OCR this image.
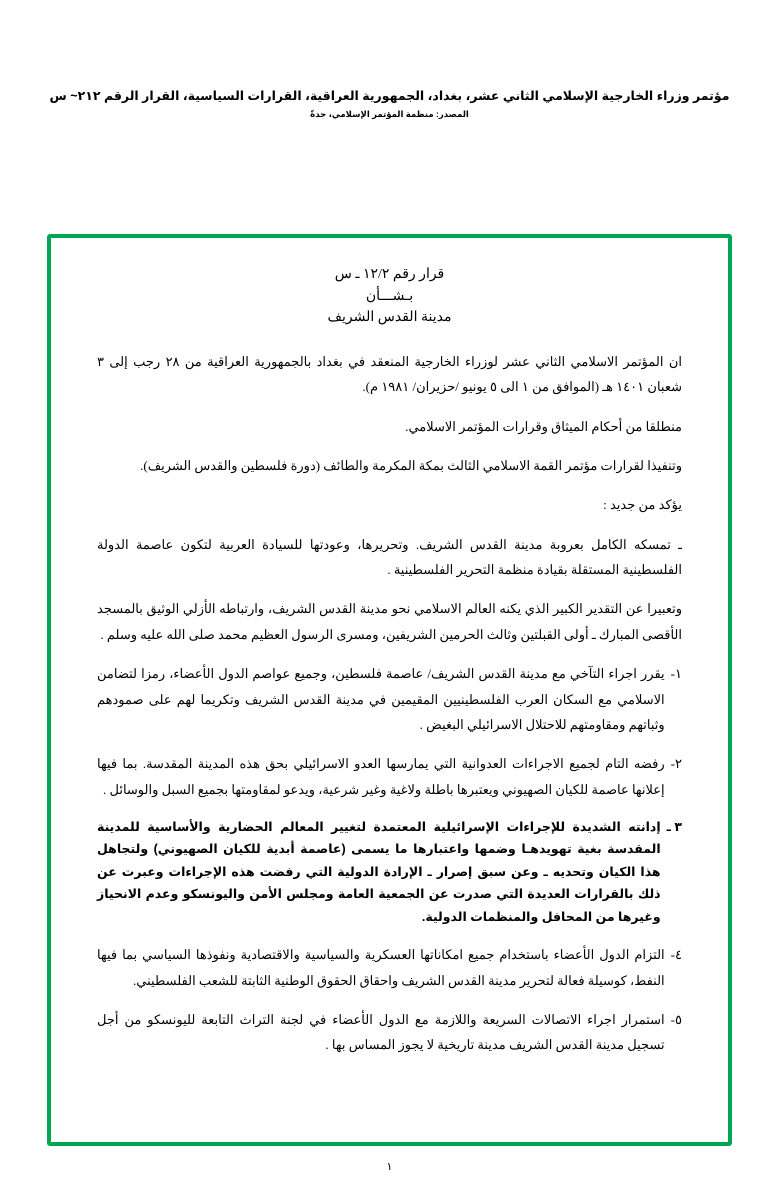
مؤتمر وزراء الخارجية الإسلامي الثاني عشر، بغداد، الجمهورية العراقية، القرارات السياسية، القرار الرقم ٢١٢~ س
المصدر: منظمة المؤتمر الإسلامي، جدةّ
قرار رقم ١٢/٢ ـ س
بـشـــأن
مدينة القدس الشريف
ان المؤتمر الاسلامي الثاني عشر لوزراء الخارجية المنعقد في بغداد بالجمهورية العراقية من ٢٨ رجب إلى ٣ شعبان ١٤٠١ هـ (الموافق من ١ الى ٥ يونيو /حزيران/ ١٩٨١ م).
منطلقا من أحكام الميثاق وقرارات المؤتمر الاسلامي.
وتنفيذا لقرارات مؤتمر القمة الاسلامي الثالث بمكة المكرمة والطائف (دورة فلسطين والقدس الشريف).
يؤكد من جديد :
ـ تمسكه الكامل بعروبة مدينة القدس الشريف. وتحريرها، وعودتها للسيادة العربية لتكون عاصمة الدولة الفلسطينية المستقلة بقيادة منظمة التحرير الفلسطينية .
وتعبيرا عن التقدير الكبير الذي يكنه العالم الاسلامي نحو مدينة القدس الشريف، وارتباطه الأزلي الوثيق بالمسجد الأقصى المبارك ـ أولى القبلتين وثالث الحرمين الشريفين، ومسرى الرسول العظيم محمد صلى الله عليه وسلم .
١-
يقرر اجراء التآخي مع مدينة القدس الشريف/ عاصمة فلسطين، وجميع عواصم الدول الأعضاء، رمزا لتضامن الاسلامي مع السكان العرب الفلسطينيين المقيمين في مدينة القدس الشريف وتكريما لهم على صمودهم وثباتهم ومقاومتهم للاحتلال الاسرائيلي البغيض .
٢-
رفضه التام لجميع الاجراءات العدوانية التي يمارسها العدو الاسرائيلي بحق هذه المدينة المقدسة. بما فيها إعلانها عاصمة للكيان الصهيوني ويعتبرها باطلة ولاغية وغير شرعية، ويدعو لمقاومتها بجميع السبل والوسائل .
٣ ـ
إدانته الشديدة للإجراءات الإسرائيلية المعتمدة لتغيير المعالم الحضارية والأساسية للمدينة المقدسة بغية تهويدهـا وضمها واعتبارها ما يسمى (عاصمة أبدية للكيان الصهيوني) ولتجاهل هذا الكيان وتحديه ـ وعن سبق إصرار ـ الإرادة الدولية التي رفضت هذه الإجراءات وعبرت عن ذلك بالقرارات العديدة التي صدرت عن الجمعية العامة ومجلس الأمن واليونسكو وعدم الانحياز وغيرها من المحافل والمنظمات الدولية.
٤-
التزام الدول الأعضاء باستخدام جميع امكاناتها العسكرية والسياسية والاقتصادية ونفوذها السياسي بما فيها النفط، كوسيلة فعالة لتحرير مدينة القدس الشريف واحقاق الحقوق الوطنية الثابتة للشعب الفلسطيني.
٥-
استمرار اجراء الاتصالات السريعة واللازمة مع الدول الأعضاء في لجنة التراث التابعة لليونسكو من أجل تسجيل مدينة القدس الشريف مدينة تاريخية لا يجوز المساس بها .
١
